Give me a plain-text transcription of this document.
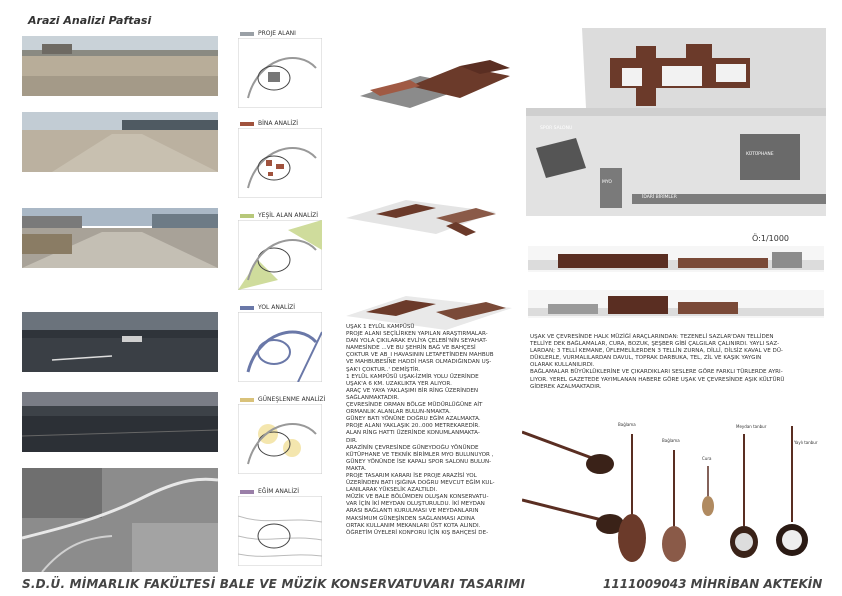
Arazi Analizi Paftasi
PROJE ALANI
BİNA ANALİZİ
YEŞİL ALAN ANALİZİ
YOL ANALİZİ
GÜNEŞLENME ANALİZİ
EĞİM ANALİZİ
SPOR SALONU
KÜTÜPHANE
MYO
İDARİ BİRİMLER
Ö:1/1000
UŞAK 1 EYLÜL KAMPÜSÜ
PROJE ALANI SEÇİLİRKEN YAPILAN ARAŞTIRMALAR-
DAN YOLA ÇIKILARAK EVLİYA ÇELEBİ'NİN SEYAHAT-
NAMESİNDE ...VE BU ŞEHRİN BAĞ VE BAHÇESİ
ÇOKTUR VE AB_I HAVASININ LETAFETİNDEN MAHBUB
VE MAHBUBESİNE HADDİ HASR OLMADIĞINDAN UŞ-
ŞAK'I ÇOKTUR..' DEMİŞTİR.
1 EYLÜL KAMPÜSÜ UŞAK-İZMİR YOLU ÜZERİNDE
UŞAK'A 6 KM. UZAKLIKTA YER ALIYOR.
ARAÇ VE YAYA YAKLAŞIMI BİR RİNG ÜZERİNDEN
SAĞLANMAKTADIR.
ÇEVRESİNDE ORMAN BÖLGE MÜDÜRLÜĞÜNE AİT
ORMANLIK ALANLAR BULUN-NMAKTA.
GÜNEY BATI YÖNÜNE DOĞRU EĞİM AZALMAKTA.
PROJE ALANI YAKLAŞIK 20..000 METREKAREDİR.
ALAN RİNG HATTI ÜZERİNDE KONUMLANMAKTA-
DIR.
ARAZİNİN ÇEVRESİNDE GÜNEYDOĞU YÖNÜNDE
KÜTÜPHANE VE TEKNİK BİRİMLER MYO BULUNUYOR ,
GÜNEY YÖNÜNDE İSE KAPALI SPOR SALONU BULUN-
MAKTA.
PROJE TASARIM KARARI İSE PROJE ARAZİSİ YOL
ÜZERİNDEN BATI IŞIĞINA DOĞRU MEVCUT EĞİM KUL-
LANILARAK YÜKSELİK AZALTILDI.
MÜZİK VE BALE BÖLÜMDEN OLUŞAN KONSERVATU-
VAR İÇİN İKİ MEYDAN OLUŞTURULDU. İKİ MEYDAN
ARASI BAĞLANTI KURULMASI VE MEYDANLARIN
MAKSİMUM GÜNEŞİNDEN SAĞLANMASI ADINA
ORTAK KULLANIM MEKANLARI ÜST KOTA ALINDI.
ÖĞRETİM ÜYELERİ KONFORU İÇİN KIŞ BAHÇESİ DE-
UŞAK VE ÇEVRESİNDE HALK MÜZİĞİ ARAÇLARINDAN: TEZENELİ SAZLAR'DAN TELLİDEN
TELLİYE DEK BAĞLAMALAR, CURA, BOZUK, ŞEŞBER GİBİ ÇALGILAR ÇALINIRDI. YAYLI SAZ-
LARDAN; 3 TELLİ KEMANE, ÜFLEMELİLERDEN 3 TELLİN ZURNA, DİLLİ, DİLSİZ KAVAL VE DÜ-
DÜKLERLE, VURMALILARDAN DAVUL, TOPRAK DARBUKA, TEL, ZİL VE KAŞIK YAYGIN
OLARAK KULLANILIRDI.
BAĞLAMALAR BÜYÜKLÜKLERİNE VE ÇIKARDIKLARI SESLERE GÖRE FARKLI TÜRLERDE AYRI-
LIYOR. YEREL GAZETEDE YAYIMLANAN HABERE GÖRE UŞAK VE ÇEVRESİNDE AŞIK KÜLTÜRÜ
GİDEREK AZALMAKTADIR.
Bağlama
Bağlama
Cura
Meydan tanbur
Yaylı tanbur
S.D.Ü. MİMARLIK FAKÜLTESİ BALE VE MÜZİK KONSERVATUVARI TASARIMI	1111009043 MİHRİBAN AKTEKİN
